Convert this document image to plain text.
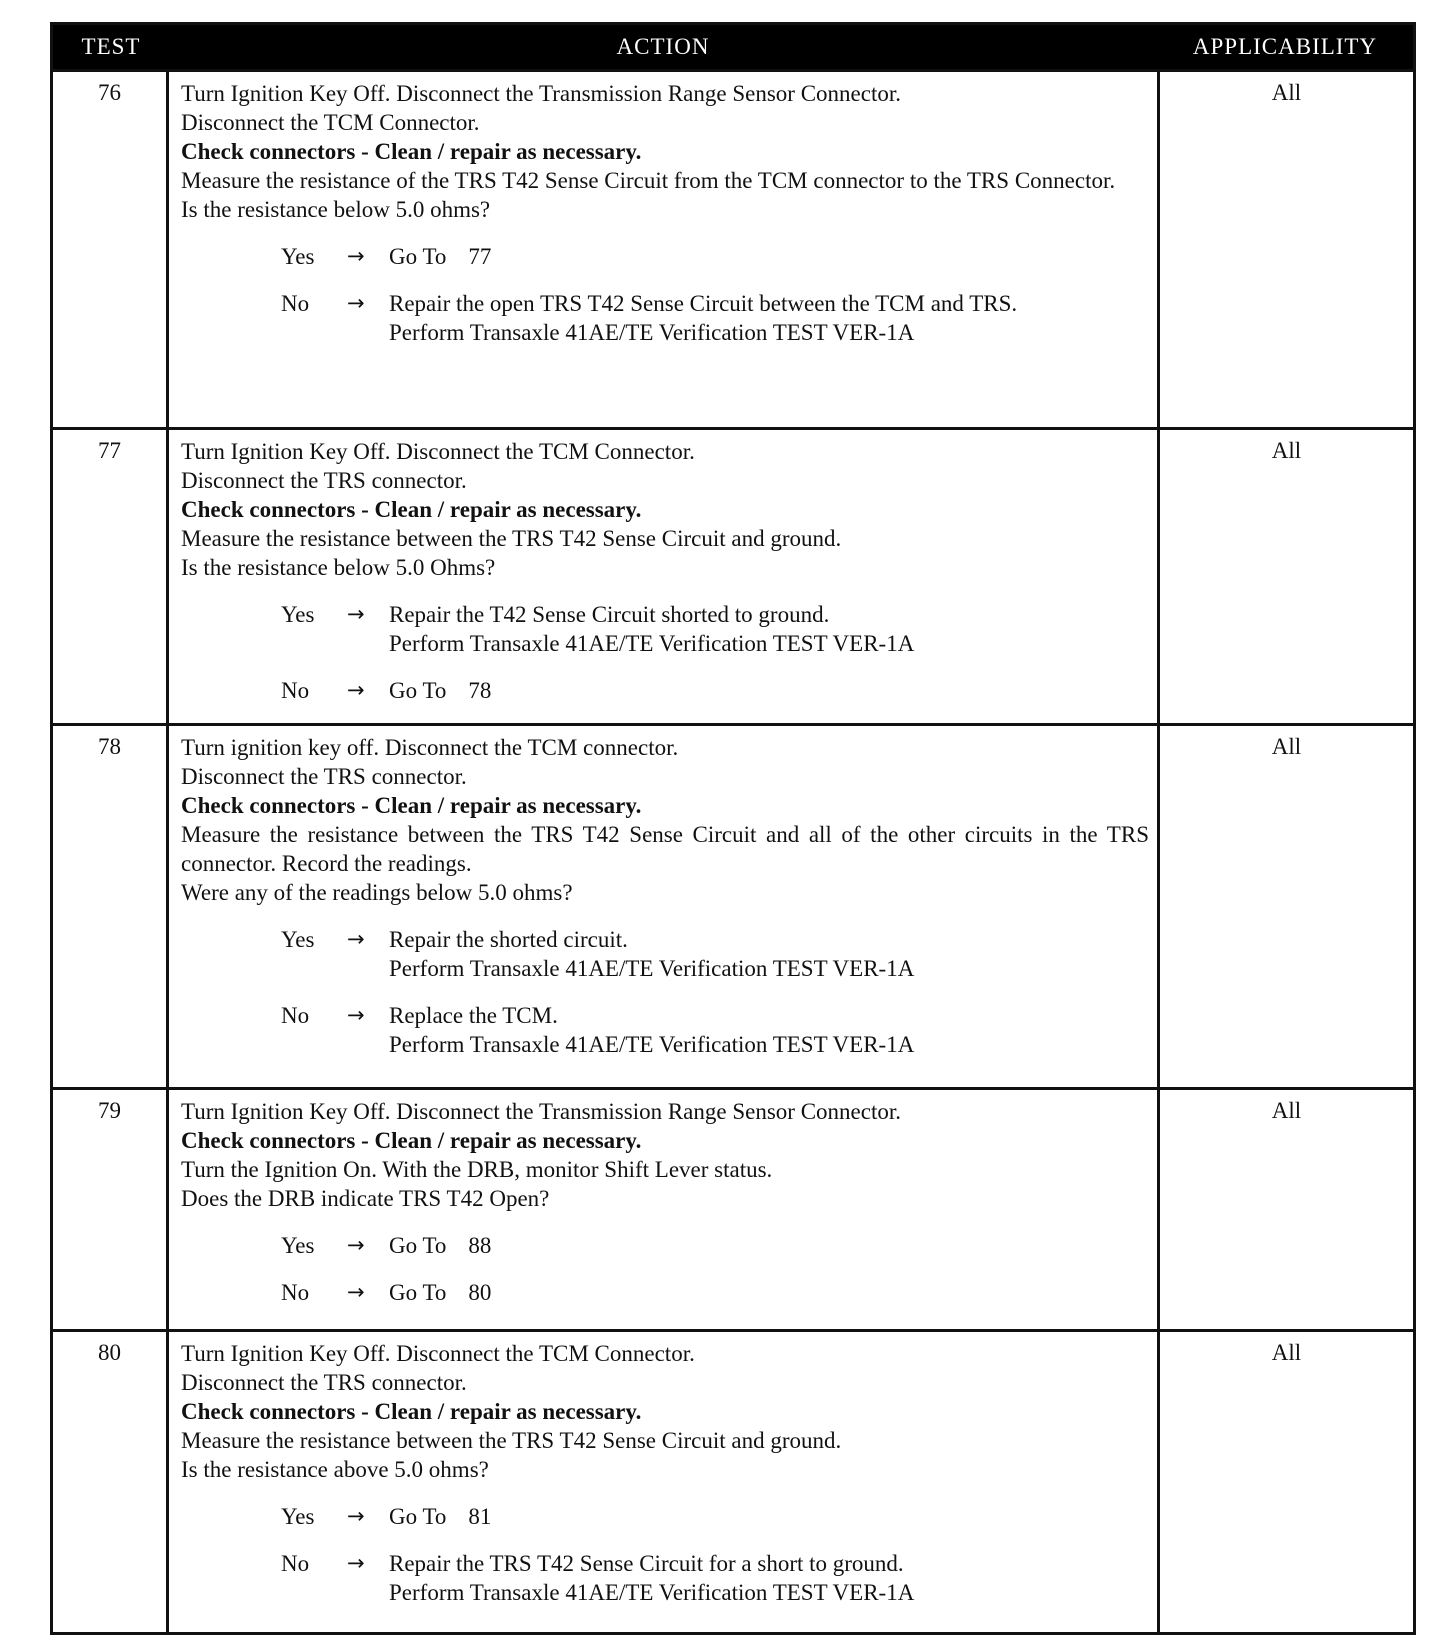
TEST	ACTION	APPLICABILITY
76	Turn Ignition Key Off. Disconnect the Transmission Range Sensor Connector.
Disconnect the TCM Connector.
Check connectors - Clean / repair as necessary.
Measure the resistance of the TRS T42 Sense Circuit from the TCM connector to the TRS Connector.
Is the resistance below 5.0 ohms?
Yes	→	Go To 77
No	→	Repair the open TRS T42 Sense Circuit between the TCM and TRS.
Perform Transaxle 41AE/TE Verification TEST VER-1A
All
77	Turn Ignition Key Off. Disconnect the TCM Connector.
Disconnect the TRS connector.
Check connectors - Clean / repair as necessary.
Measure the resistance between the TRS T42 Sense Circuit and ground.
Is the resistance below 5.0 Ohms?
Yes	→	Repair the T42 Sense Circuit shorted to ground.
Perform Transaxle 41AE/TE Verification TEST VER-1A
No	→	Go To 78
All
78	Turn ignition key off. Disconnect the TCM connector.
Disconnect the TRS connector.
Check connectors - Clean / repair as necessary.
Measure the resistance between the TRS T42 Sense Circuit and all of the other circuits in the TRS connector. Record the readings.
Were any of the readings below 5.0 ohms?
Yes	→	Repair the shorted circuit.
Perform Transaxle 41AE/TE Verification TEST VER-1A
No	→	Replace the TCM.
Perform Transaxle 41AE/TE Verification TEST VER-1A
All
79	Turn Ignition Key Off. Disconnect the Transmission Range Sensor Connector.
Check connectors - Clean / repair as necessary.
Turn the Ignition On. With the DRB, monitor Shift Lever status.
Does the DRB indicate TRS T42 Open?
Yes	→	Go To 88
No	→	Go To 80
All
80	Turn Ignition Key Off. Disconnect the TCM Connector.
Disconnect the TRS connector.
Check connectors - Clean / repair as necessary.
Measure the resistance between the TRS T42 Sense Circuit and ground.
Is the resistance above 5.0 ohms?
Yes	→	Go To 81
No	→	Repair the TRS T42 Sense Circuit for a short to ground.
Perform Transaxle 41AE/TE Verification TEST VER-1A
All
